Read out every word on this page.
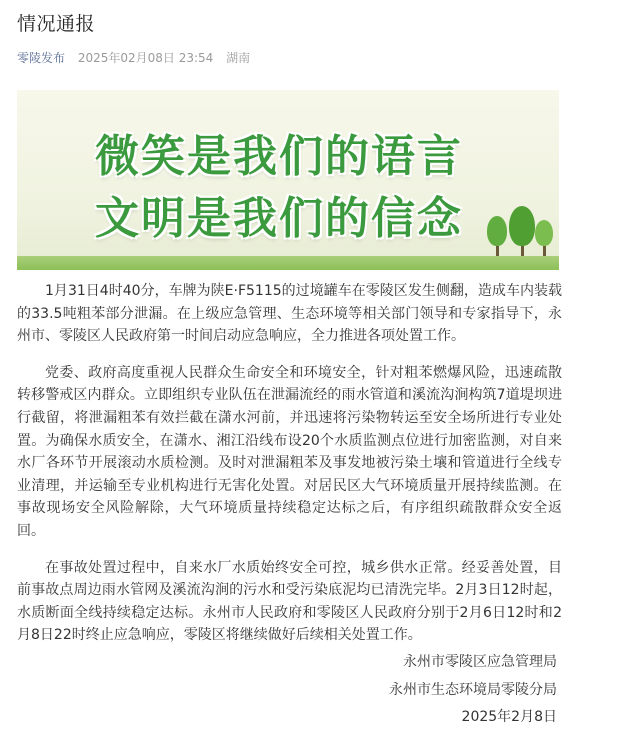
情况通报
零陵发布 2025年02月08日 23:54 湖南
微笑是我们的语言
文明是我们的信念

1月31日4时40分，车牌为陕E·F5115的过境罐车在零陵区发生侧翻，造成车内装载的33.5吨粗苯部分泄漏。在上级应急管理、生态环境等相关部门领导和专家指导下，永州市、零陵区人民政府第一时间启动应急响应，全力推进各项处置工作。

党委、政府高度重视人民群众生命安全和环境安全，针对粗苯燃爆风险，迅速疏散转移警戒区内群众。立即组织专业队伍在泄漏流经的雨水管道和溪流沟涧构筑7道堤坝进行截留，将泄漏粗苯有效拦截在潇水河前，并迅速将污染物转运至安全场所进行专业处置。为确保水质安全，在潇水、湘江沿线布设20个水质监测点位进行加密监测，对自来水厂各环节开展滚动水质检测。及时对泄漏粗苯及事发地被污染土壤和管道进行全线专业清理，并运输至专业机构进行无害化处置。对居民区大气环境质量开展持续监测。在事故现场安全风险解除，大气环境质量持续稳定达标之后，有序组织疏散群众安全返回。

在事故处置过程中，自来水厂水质始终安全可控，城乡供水正常。经妥善处置，目前事故点周边雨水管网及溪流沟涧的污水和受污染底泥均已清洗完毕。2月3日12时起，水质断面全线持续稳定达标。永州市人民政府和零陵区人民政府分别于2月6日12时和2月8日22时终止应急响应，零陵区将继续做好后续相关处置工作。

永州市零陵区应急管理局
永州市生态环境局零陵分局
2025年2月8日
